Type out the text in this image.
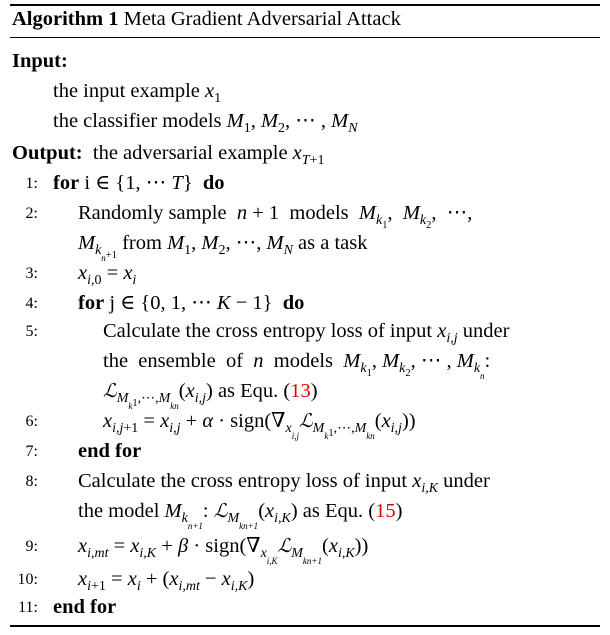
Algorithm 1 Meta Gradient Adversarial Attack
Input:
the input example $x_1$
the classifier models $M_1$, $M_2$, ⋯ , $M_N$
Output: the adversarial example $x_{T+1}$
1: for i ∈ {1, ⋯ T}  do
2: Randomly sample  n + 1  models  $M_{k1}$,  $M_{k2}$,  ⋯,
$M_{kn+1}$ from $M_1$, $M_2$, ⋯, $M_N$ as a task
3: $x_{i,0} = x_i$
4: for j ∈ {0, 1, ⋯ K − 1}  do
5:	Calculate the cross entropy loss of input $x_{i,j}$ under
the  ensemble  of  n  models  $M_{k1}$, $M_{k2}$, ⋯ , $M_{kn}$:
$ℒ_{Mk1,\cdots,Mkn}(x_{i,j})$ as Equ. (13)
6:	$x_{i,j+1} = x_{i,j} + \alpha$ · $sign(\nabla_{xi,j}ℒ_{Mk1,\cdots,Mkn}(x_{i,j}))$
7: end for
8: Calculate the cross entropy loss of input $x_{i,K}$ under
the model $M_{kn+1}$: $ℒ_{Mkn+1}(x_{i,K})$ as Equ. (15)
9: $x_{i,mt} = x_{i,K} + \beta$ · $sign(\nabla_{xi,K}ℒ_{Mkn+1}(x_{i,K}))$
10: $x_{i+1} = x_i + (x_{i,mt} - x_{i,K})$
11: end for
